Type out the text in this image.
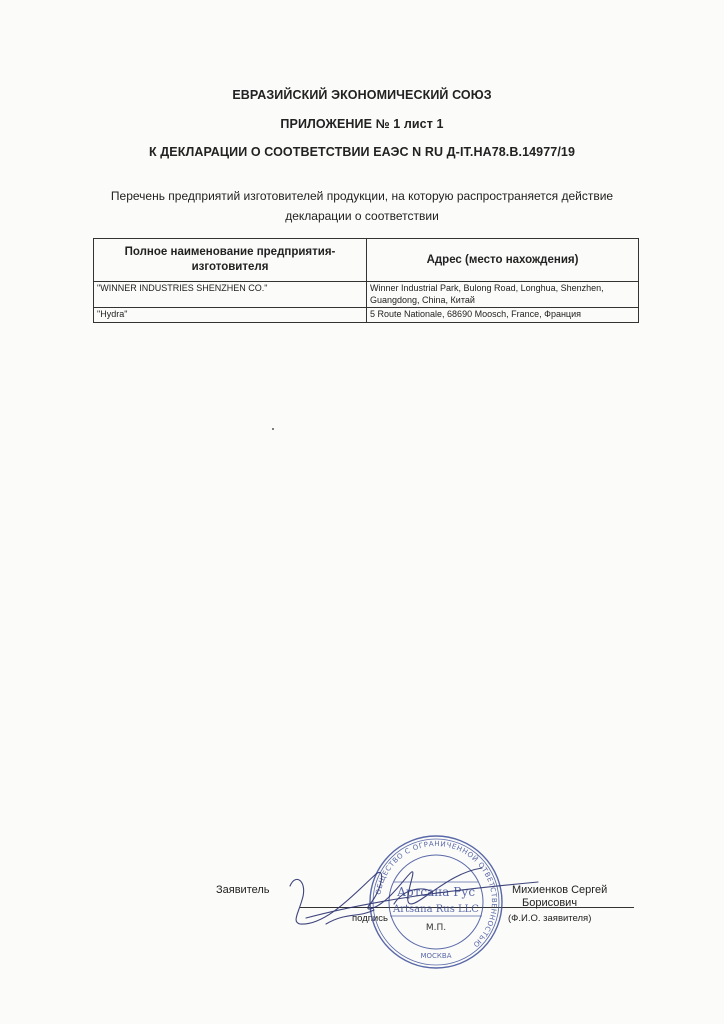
ЕВРАЗИЙСКИЙ ЭКОНОМИЧЕСКИЙ СОЮЗ
ПРИЛОЖЕНИЕ № 1 лист 1
К ДЕКЛАРАЦИИ О СООТВЕТСТВИИ ЕАЭС N RU Д-IT.НА78.В.14977/19
Перечень предприятий изготовителей продукции, на которую распространяется действие
декларации о соответствии
Полное наименование предприятия-изготовителя	Адрес (место нахождения)
"WINNER INDUSTRIES SHENZHEN CO."	Winner Industrial Park, Bulong Road, Longhua, Shenzhen, Guangdong, China, Китай
"Hydra"	5 Route Nationale, 68690 Moosch, France, Франция
Заявитель
подпись
Михиенков Сергей
Борисович
(Ф.И.О. заявителя)
ОБЩЕСТВО С ОГРАНИЧЕННОЙ ОТВЕТСТВЕННОСТЬЮ
МОСКВА
Артсана Рус
Artsana Rus LLC
М.П.
